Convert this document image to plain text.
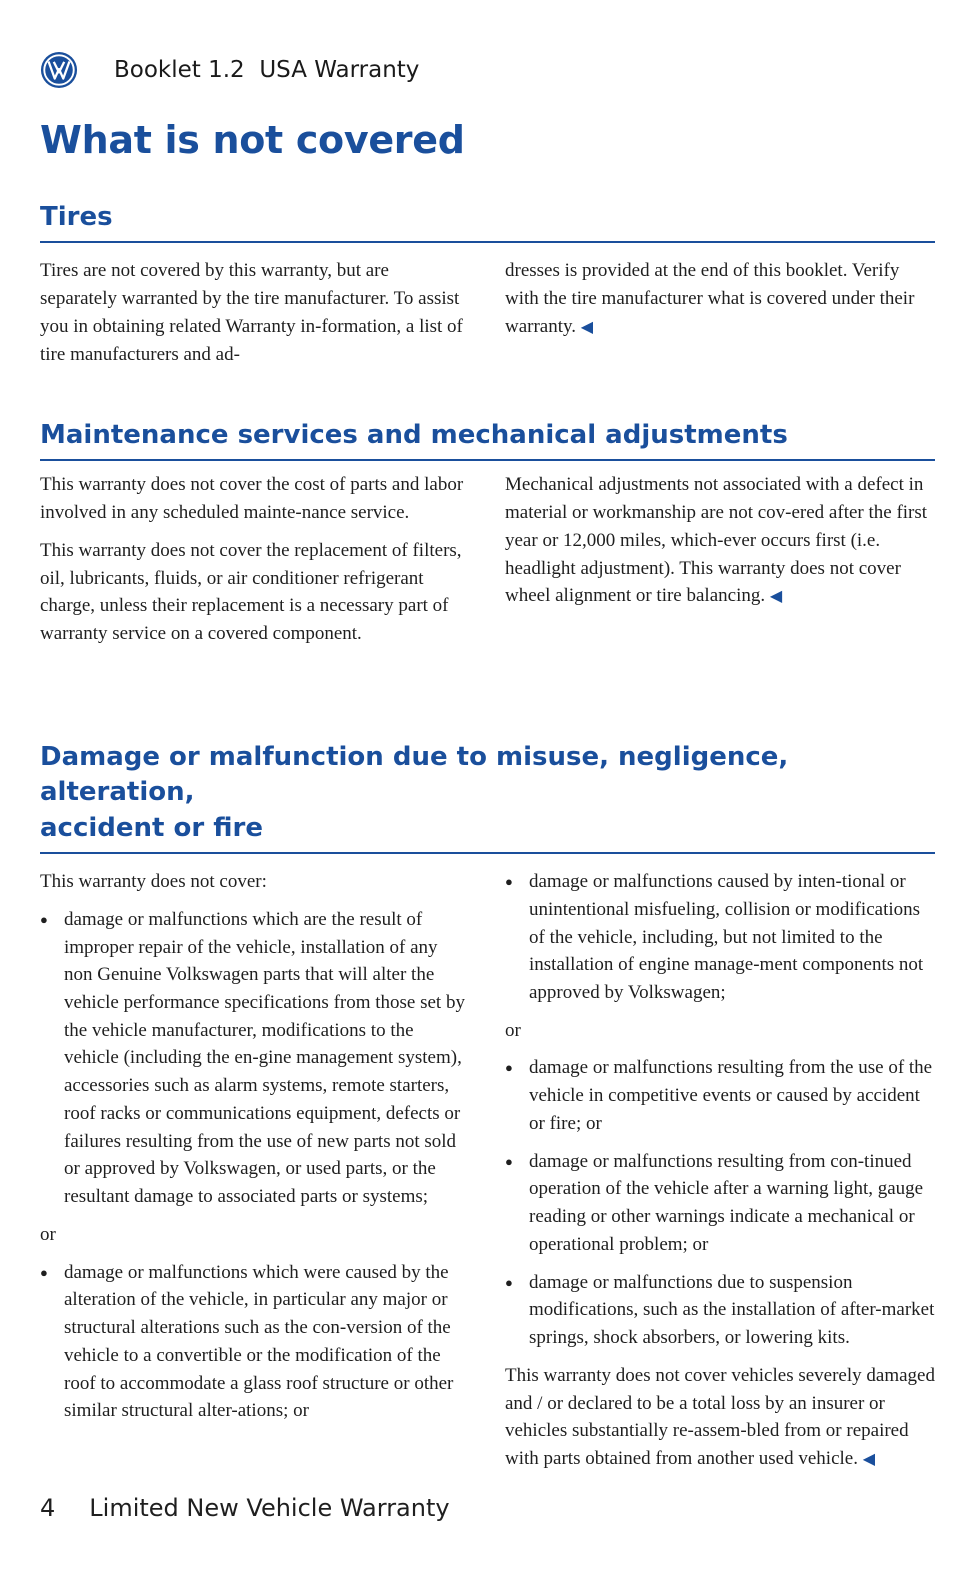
Booklet 1.2
USA Warranty
What is not covered
Tires

Tires are not covered by this warranty, but are separately warranted by the tire manufacturer. To assist you in obtaining related Warranty in-formation, a list of tire manufacturers and ad-

dresses is provided at the end of this booklet. Verify with the tire manufacturer what is covered under their warranty. ◀

Maintenance services and mechanical adjustments

This warranty does not cover the cost of parts and labor involved in any scheduled mainte-nance service.

This warranty does not cover the replacement of filters, oil, lubricants, fluids, or air conditioner refrigerant charge, unless their replacement is a necessary part of warranty service on a covered component.

Mechanical adjustments not associated with a defect in material or workmanship are not cov-ered after the first year or 12,000 miles, which-ever occurs first (i.e. headlight adjustment). This warranty does not cover wheel alignment or tire balancing. ◀

Damage or malfunction due to misuse, negligence, alteration,
accident or fire

This warranty does not cover:

● damage or malfunctions which are the result of improper repair of the vehicle, installation of any non Genuine Volkswagen parts that will alter the vehicle performance specifications from those set by the vehicle manufacturer, modifications to the vehicle (including the en-gine management system), accessories such as alarm systems, remote starters, roof racks or communications equipment, defects or failures resulting from the use of new parts not sold or approved by Volkswagen, or used parts, or the resultant damage to associated parts or systems;

or

● damage or malfunctions which were caused by the alteration of the vehicle, in particular any major or structural alterations such as the con-version of the vehicle to a convertible or the modification of the roof to accommodate a glass roof structure or other similar structural alter-ations; or

● damage or malfunctions caused by inten-tional or unintentional misfueling, collision or modifications of the vehicle, including, but not limited to the installation of engine manage-ment components not approved by Volkswagen;

or

● damage or malfunctions resulting from the use of the vehicle in competitive events or caused by accident or fire; or

● damage or malfunctions resulting from con-tinued operation of the vehicle after a warning light, gauge reading or other warnings indicate a mechanical or operational problem; or

● damage or malfunctions due to suspension modifications, such as the installation of after-market springs, shock absorbers, or lowering kits.

This warranty does not cover vehicles severely damaged and / or declared to be a total loss by an insurer or vehicles substantially re-assem-bled from or repaired with parts obtained from another used vehicle. ◀

4 Limited New Vehicle Warranty
